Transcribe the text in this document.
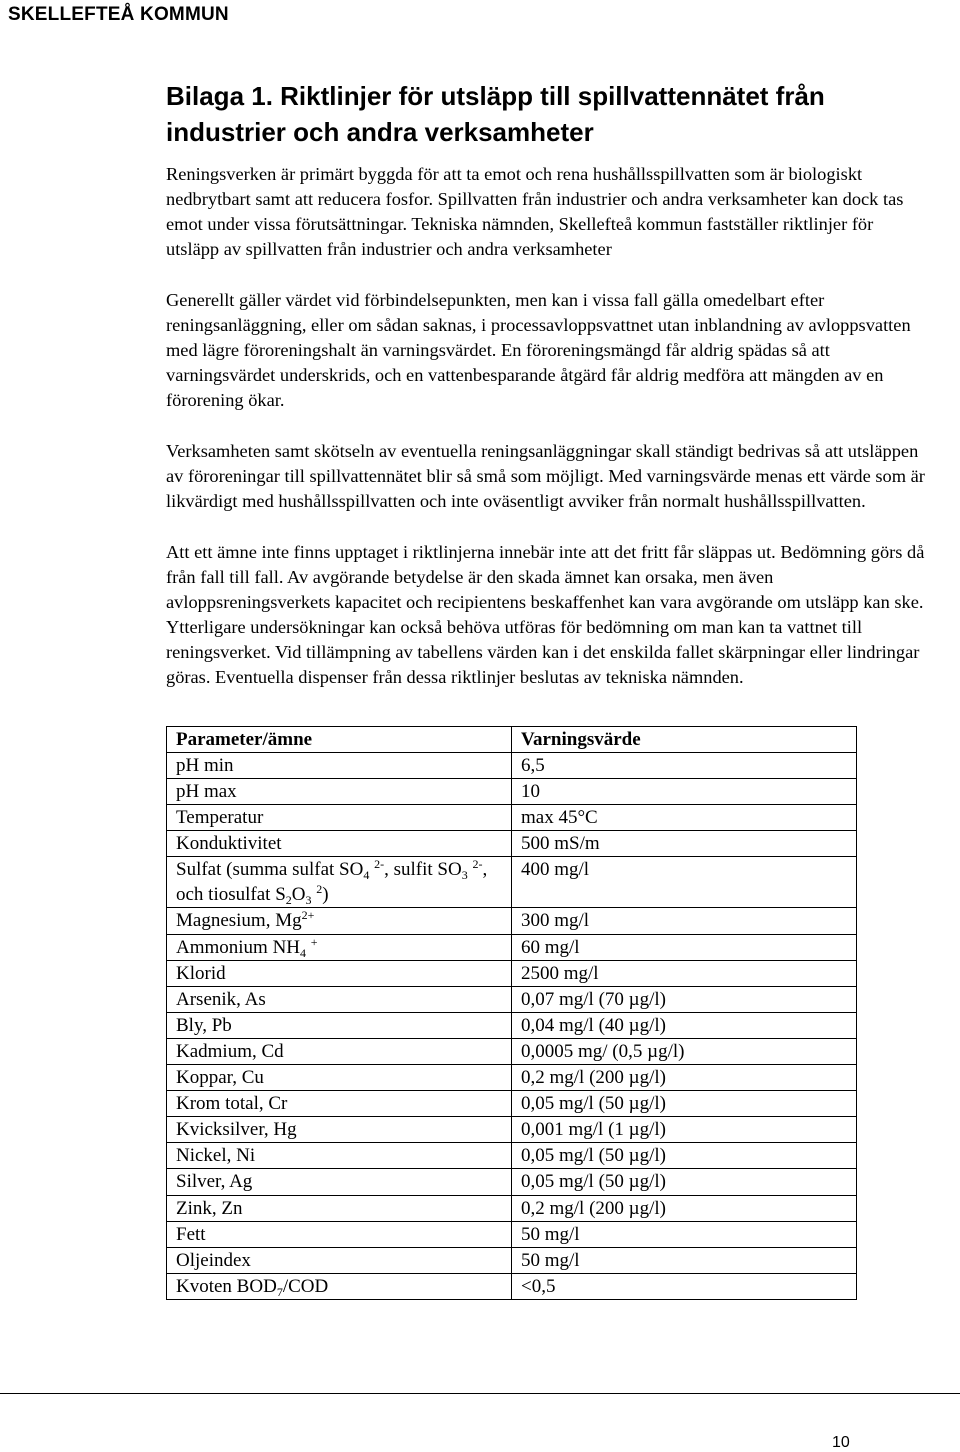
SKELLEFTEÅ KOMMUN
Bilaga 1. Riktlinjer för utsläpp till spillvattennätet från industrier och andra verksamheter

Reningsverken är primärt byggda för att ta emot och rena hushållsspillvatten som är biologiskt nedbrytbart samt att reducera fosfor. Spillvatten från industrier och andra verksamheter kan dock tas emot under vissa förutsättningar. Tekniska nämnden, Skellefteå kommun fastställer riktlinjer för utsläpp av spillvatten från industrier och andra verksamheter

Generellt gäller värdet vid förbindelsepunkten, men kan i vissa fall gälla omedelbart efter reningsanläggning, eller om sådan saknas, i processavloppsvattnet utan inblandning av avloppsvatten med lägre föroreningshalt än varningsvärdet. En föroreningsmängd får aldrig spädas så att varningsvärdet underskrids, och en vattenbesparande åtgärd får aldrig medföra att mängden av en förorening ökar.

Verksamheten samt skötseln av eventuella reningsanläggningar skall ständigt bedrivas så att utsläppen av föroreningar till spillvattennätet blir så små som möjligt. Med varningsvärde menas ett värde som är likvärdigt med hushållsspillvatten och inte oväsentligt avviker från normalt hushållsspillvatten.

Att ett ämne inte finns upptaget i riktlinjerna innebär inte att det fritt får släppas ut. Bedömning görs då från fall till fall. Av avgörande betydelse är den skada ämnet kan orsaka, men även avloppsreningsverkets kapacitet och recipientens beskaffenhet kan vara avgörande om utsläpp kan ske. Ytterligare undersökningar kan också behöva utföras för bedömning om man kan ta vattnet till reningsverket. Vid tillämpning av tabellens värden kan i det enskilda fallet skärpningar eller lindringar göras. Eventuella dispenser från dessa riktlinjer beslutas av tekniska nämnden.

Parameter/ämne	Varningsvärde
pH min	6,5
pH max	10
Temperatur	max 45°C
Konduktivitet	500 mS/m
Sulfat (summa sulfat $SO_4$ $^{2-}$, sulfit $SO_3$ $^{2-}$, och tiosulfat $S_2O_3$ $^2$)	400 mg/l
Magnesium, $Mg^{2+}$	300 mg/l
Ammonium $NH_4$ +	60 mg/l
Klorid	2500 mg/l
Arsenik, As	0,07 mg/l (70 µg/l)
Bly, Pb	0,04 mg/l (40 µg/l)
Kadmium, Cd	0,0005 mg/ (0,5 µg/l)
Koppar, Cu	0,2 mg/l (200 µg/l)
Krom total, Cr	0,05 mg/l (50 µg/l)
Kvicksilver, Hg	0,001 mg/l (1 µg/l)
Nickel, Ni	0,05 mg/l (50 µg/l)
Silver, Ag	0,05 mg/l (50 µg/l)
Zink, Zn	0,2 mg/l (200 µg/l)
Fett	50 mg/l
Oljeindex	50 mg/l
Kvoten $BOD_7$/COD	<0,5
10
